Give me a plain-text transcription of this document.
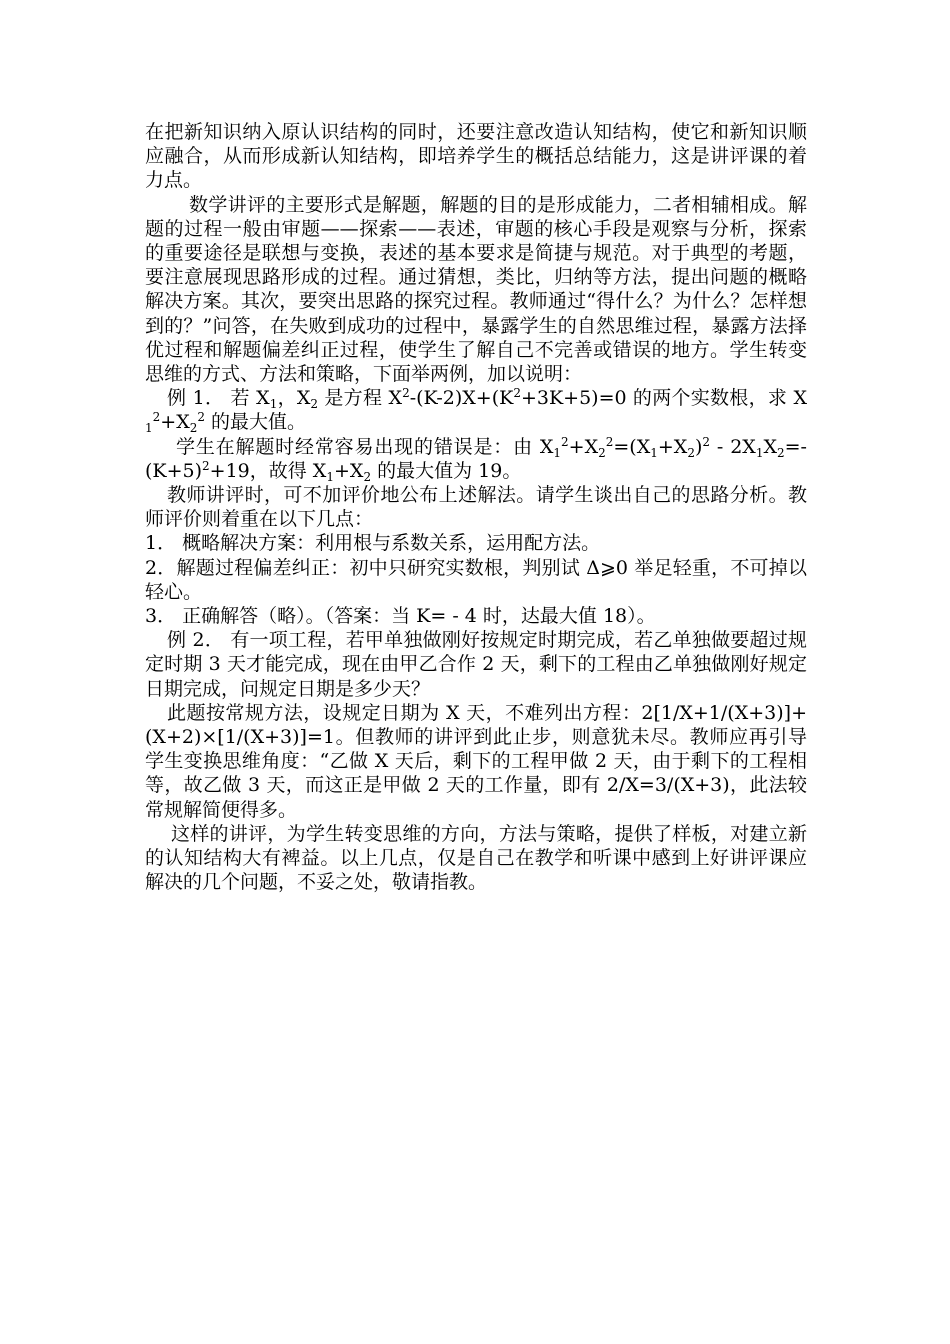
在把新知识纳入原认识结构的同时，还要注意改造认知结构，使它和新知识顺应融合，从而形成新认知结构，即培养学生的概括总结能力，这是讲评课的着力点。

数学讲评的主要形式是解题，解题的目的是形成能力，二者相辅相成。解题的过程一般由审题——探索——表述，审题的核心手段是观察与分析，探索的重要途径是联想与变换，表述的基本要求是简捷与规范。对于典型的考题，要注意展现思路形成的过程。通过猜想，类比，归纳等方法，提出问题的概略解决方案。其次，要突出思路的探究过程。教师通过“得什么？为什么？怎样想到的？”问答，在失败到成功的过程中，暴露学生的自然思维过程，暴露方法择优过程和解题偏差纠正过程，使学生了解自己不完善或错误的地方。学生转变思维的方式、方法和策略，下面举两例，加以说明：

例 1． 若 $X_1$，$X_2$ 是方程 $X^2-(K-2)X+(K^2+3K+5)=0$ 的两个实数根，求 $X_1^2+X_2^2$ 的最大值。

学生在解题时经常容易出现的错误是：由 $X_1^2+X_2^2=(X_1+X_2)^2 - 2X_1X_2=-(K+5)^2+19$，故得 $X_1+X_2$ 的最大值为 19。

教师讲评时，可不加评价地公布上述解法。请学生谈出自己的思路分析。教师评价则着重在以下几点：

1． 概略解决方案：利用根与系数关系，运用配方法。

2．解题过程偏差纠正：初中只研究实数根，判别试 Δ⩾0 举足轻重，不可掉以轻心。

3． 正确解答（略）。（答案：当 K= - 4 时，达最大值 18）。

例 2． 有一项工程，若甲单独做刚好按规定时期完成，若乙单独做要超过规定时期 3 天才能完成，现在由甲乙合作 2 天，剩下的工程由乙单独做刚好规定日期完成，问规定日期是多少天？

此题按常规方法，设规定日期为 X 天，不难列出方程：2[1/X+1/(X+3)]+(X+2)×[1/(X+3)]=1。但教师的讲评到此止步，则意犹未尽。教师应再引导学生变换思维角度：“乙做 X 天后，剩下的工程甲做 2 天，由于剩下的工程相等，故乙做 3 天，而这正是甲做 2 天的工作量，即有 2/X=3/(X+3)，此法较常规解简便得多。

这样的讲评，为学生转变思维的方向，方法与策略，提供了样板，对建立新的认知结构大有裨益。以上几点，仅是自己在教学和听课中感到上好讲评课应解决的几个问题，不妥之处，敬请指教。
